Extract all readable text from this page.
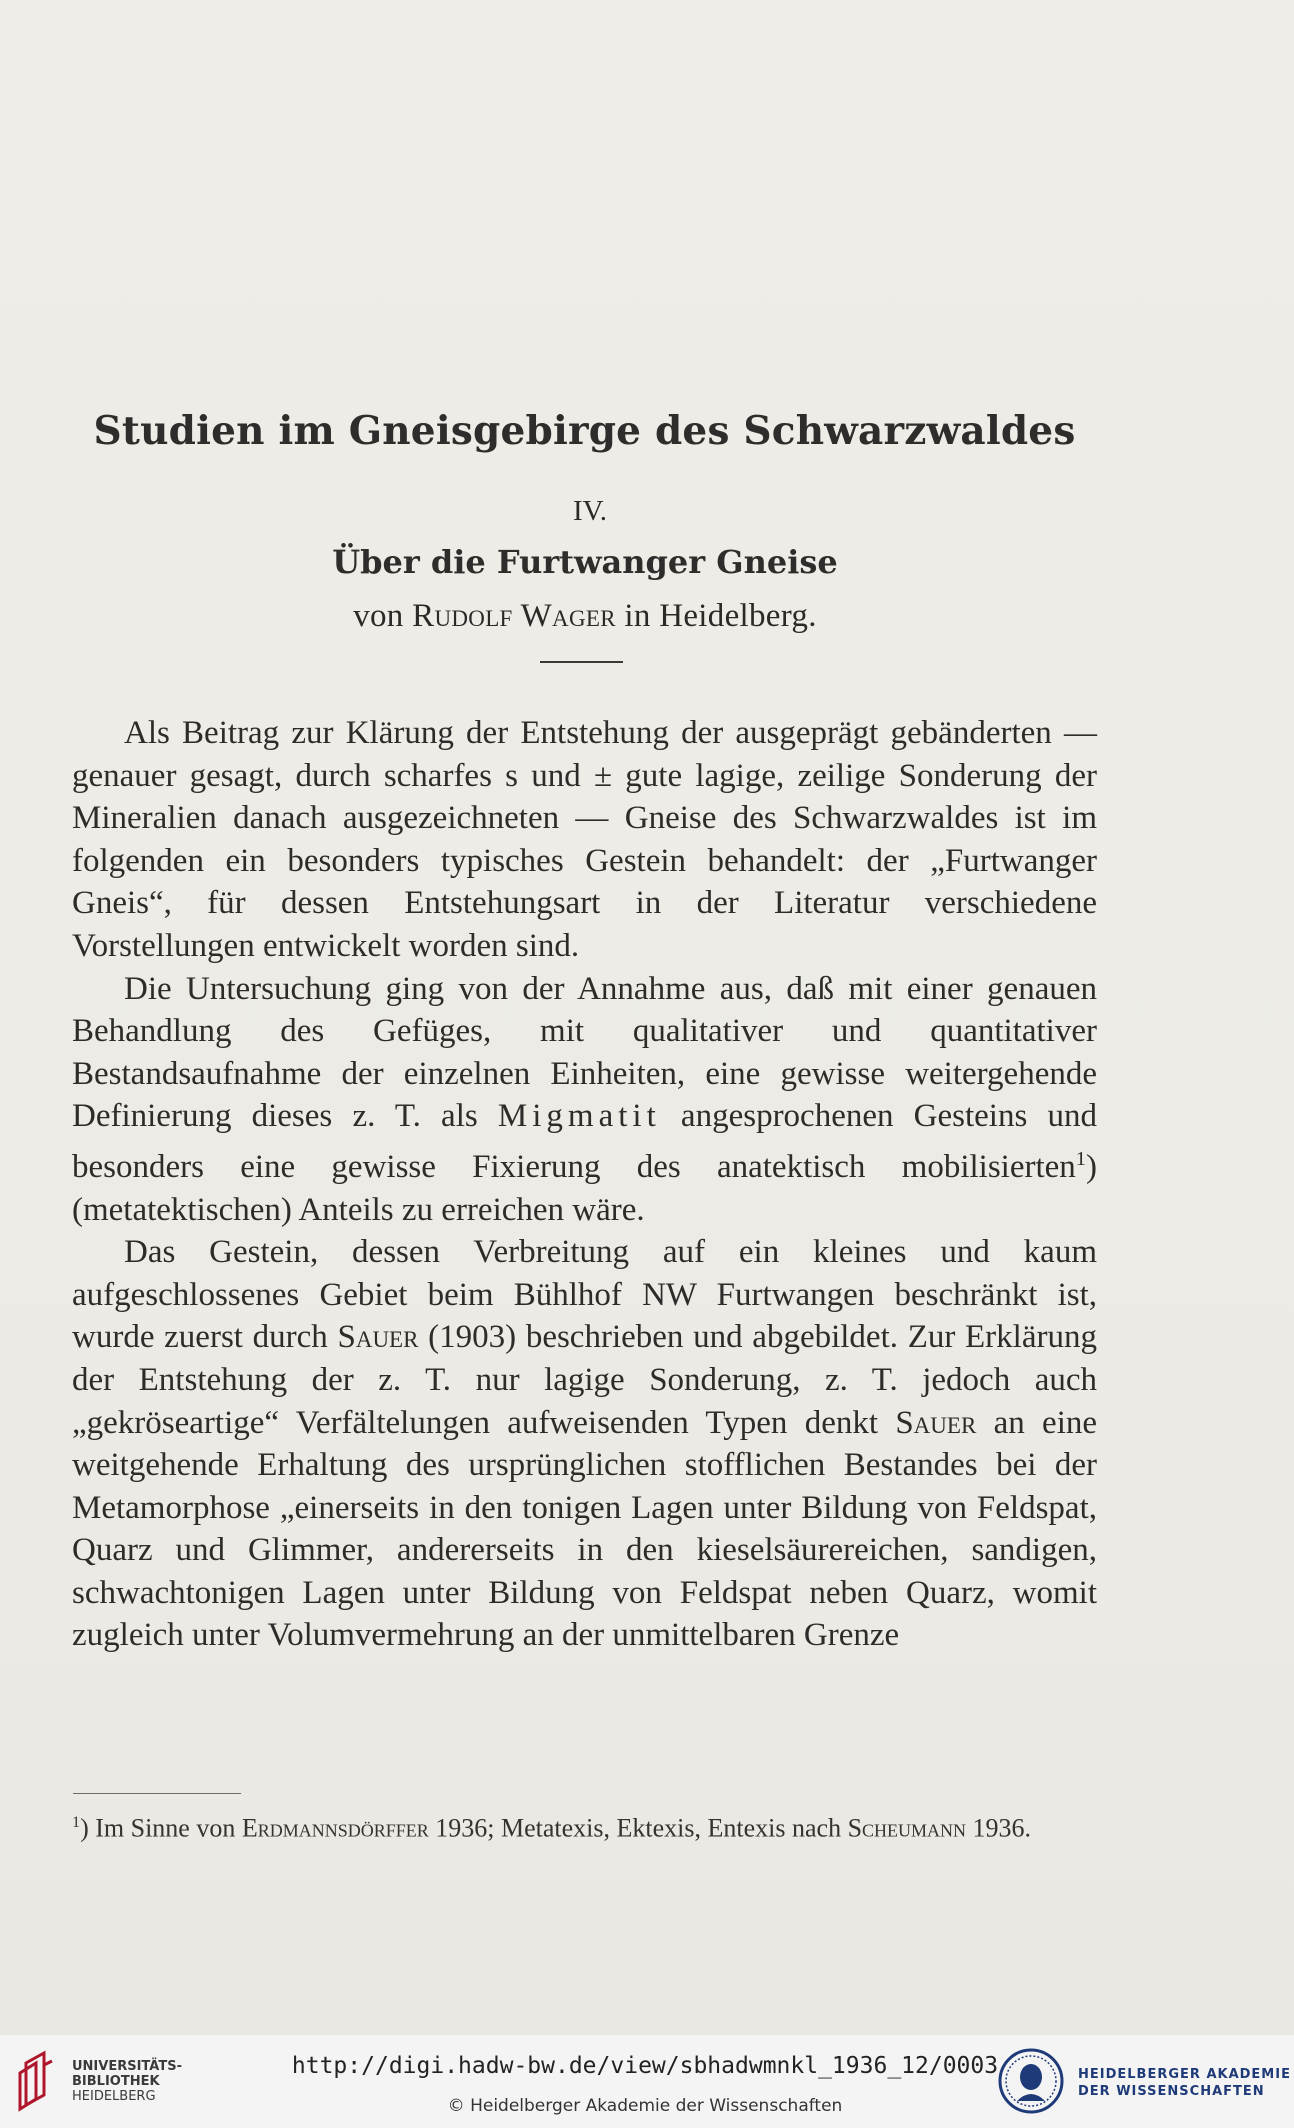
Studien im Gneisgebirge des Schwarzwaldes
IV.
Über die Furtwanger Gneise
von Rudolf Wager in Heidelberg.

Als Beitrag zur Klärung der Entstehung der ausgeprägt gebänderten — genauer gesagt, durch scharfes s und ± gute lagige, zeilige Sonderung der Mineralien danach ausgezeichneten — Gneise des Schwarzwaldes ist im folgenden ein besonders typisches Gestein behandelt: der „Furtwanger Gneis“, für dessen Entstehungsart in der Literatur verschiedene Vorstellungen entwickelt worden sind.

Die Untersuchung ging von der Annahme aus, daß mit einer genauen Behandlung des Gefüges, mit qualitativer und quantitativer Bestandsaufnahme der einzelnen Einheiten, eine gewisse weitergehende Definierung dieses z. T. als Migmatit angesprochenen Gesteins und besonders eine gewisse Fixierung des anatektisch mobilisierten$^1$) (metatektischen) Anteils zu erreichen wäre.

Das Gestein, dessen Verbreitung auf ein kleines und kaum aufgeschlossenes Gebiet beim Bühlhof NW Furtwangen beschränkt ist, wurde zuerst durch Sauer (1903) beschrieben und abgebildet. Zur Erklärung der Entstehung der z. T. nur lagige Sonderung, z. T. jedoch auch „gekröseartige“ Verfältelungen aufweisenden Typen denkt Sauer an eine weitgehende Erhaltung des ursprünglichen stofflichen Bestandes bei der Metamorphose „einerseits in den tonigen Lagen unter Bildung von Feldspat, Quarz und Glimmer, andererseits in den kieselsäurereichen, sandigen, schwachtonigen Lagen unter Bildung von Feldspat neben Quarz, womit zugleich unter Volumvermehrung an der unmittelbaren Grenze

$^1$) Im Sinne von Erdmannsdörffer 1936; Metatexis, Ektexis, Entexis nach Scheumann 1936.
UNIVERSITÄTS-
BIBLIOTHEK
HEIDELBERG
http://digi.hadw-bw.de/view/sbhadwmnkl_1936_12/0003
© Heidelberger Akademie der Wissenschaften
HEIDELBERGER AKADEMIE
DER WISSENSCHAFTEN
